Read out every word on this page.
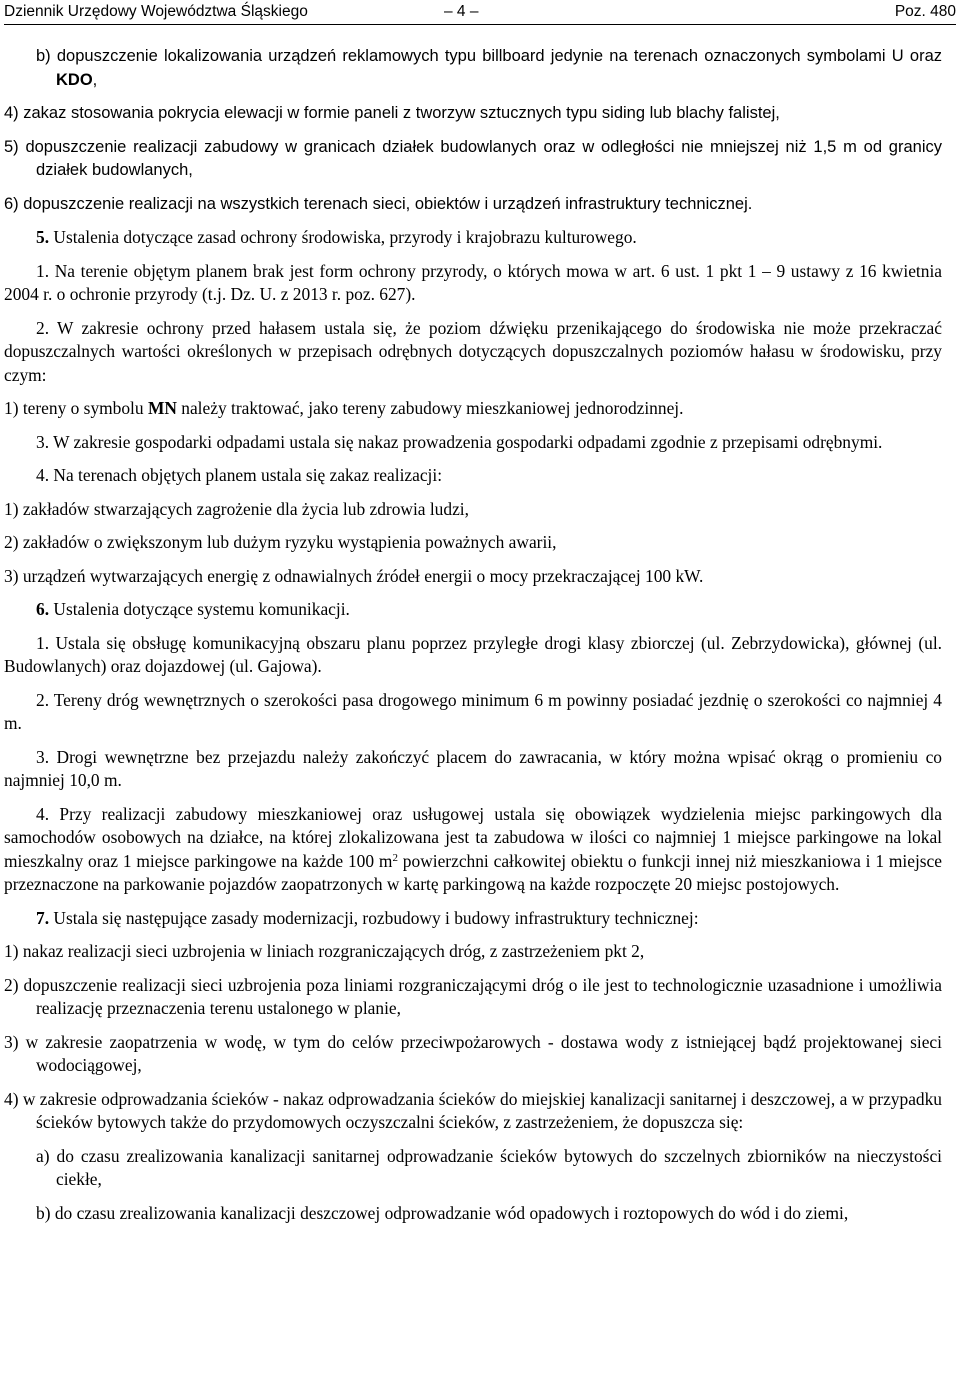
Dziennik Urzędowy Województwa Śląskiego	– 4 –	Poz. 480

b) dopuszczenie lokalizowania urządzeń reklamowych typu billboard jedynie na terenach oznaczonych symbolami U oraz KDO,

4) zakaz stosowania pokrycia elewacji w formie paneli z tworzyw sztucznych typu siding lub blachy falistej,

5) dopuszczenie realizacji zabudowy w granicach działek budowlanych oraz w odległości nie mniejszej niż 1,5 m od granicy działek budowlanych,

6) dopuszczenie realizacji na wszystkich terenach sieci, obiektów i urządzeń infrastruktury technicznej.

5. Ustalenia dotyczące zasad ochrony środowiska, przyrody i krajobrazu kulturowego.

1. Na terenie objętym planem brak jest form ochrony przyrody, o których mowa w art. 6 ust. 1 pkt 1 – 9 ustawy z 16 kwietnia 2004 r. o ochronie przyrody (t.j. Dz. U. z 2013 r. poz. 627).

2. W zakresie ochrony przed hałasem ustala się, że poziom dźwięku przenikającego do środowiska nie może przekraczać dopuszczalnych wartości określonych w przepisach odrębnych dotyczących dopuszczalnych poziomów hałasu w środowisku, przy czym:

1) tereny o symbolu MN należy traktować, jako tereny zabudowy mieszkaniowej jednorodzinnej.

3. W zakresie gospodarki odpadami ustala się nakaz prowadzenia gospodarki odpadami zgodnie z przepisami odrębnymi.

4. Na terenach objętych planem ustala się zakaz realizacji:

1) zakładów stwarzających zagrożenie dla życia lub zdrowia ludzi,

2) zakładów o zwiększonym lub dużym ryzyku wystąpienia poważnych awarii,

3) urządzeń wytwarzających energię z odnawialnych źródeł energii o mocy przekraczającej 100 kW.

6. Ustalenia dotyczące systemu komunikacji.

1. Ustala się obsługę komunikacyjną obszaru planu poprzez przyległe drogi klasy zbiorczej (ul. Zebrzydowicka), głównej (ul. Budowlanych) oraz dojazdowej (ul. Gajowa).

2. Tereny dróg wewnętrznych o szerokości pasa drogowego minimum 6 m powinny posiadać jezdnię o szerokości co najmniej 4 m.

3. Drogi wewnętrzne bez przejazdu należy zakończyć placem do zawracania, w który można wpisać okrąg o promieniu co najmniej 10,0 m.

4. Przy realizacji zabudowy mieszkaniowej oraz usługowej ustala się obowiązek wydzielenia miejsc parkingowych dla samochodów osobowych na działce, na której zlokalizowana jest ta zabudowa w ilości co najmniej 1 miejsce parkingowe na lokal mieszkalny oraz 1 miejsce parkingowe na każde 100 $m^2$ powierzchni całkowitej obiektu o funkcji innej niż mieszkaniowa i 1 miejsce przeznaczone na parkowanie pojazdów zaopatrzonych w kartę parkingową na każde rozpoczęte 20 miejsc postojowych.

7. Ustala się następujące zasady modernizacji, rozbudowy i budowy infrastruktury technicznej:

1) nakaz realizacji sieci uzbrojenia w liniach rozgraniczających dróg, z zastrzeżeniem pkt 2,

2) dopuszczenie realizacji sieci uzbrojenia poza liniami rozgraniczającymi dróg o ile jest to technologicznie uzasadnione i umożliwia realizację przeznaczenia terenu ustalonego w planie,

3) w zakresie zaopatrzenia w wodę, w tym do celów przeciwpożarowych - dostawa wody z istniejącej bądź projektowanej sieci wodociągowej,

4) w zakresie odprowadzania ścieków - nakaz odprowadzania ścieków do miejskiej kanalizacji sanitarnej i deszczowej, a w przypadku ścieków bytowych także do przydomowych oczyszczalni ścieków, z zastrzeżeniem, że dopuszcza się:

a) do czasu zrealizowania kanalizacji sanitarnej odprowadzanie ścieków bytowych do szczelnych zbiorników na nieczystości ciekłe,

b) do czasu zrealizowania kanalizacji deszczowej odprowadzanie wód opadowych i roztopowych do wód i do ziemi,
